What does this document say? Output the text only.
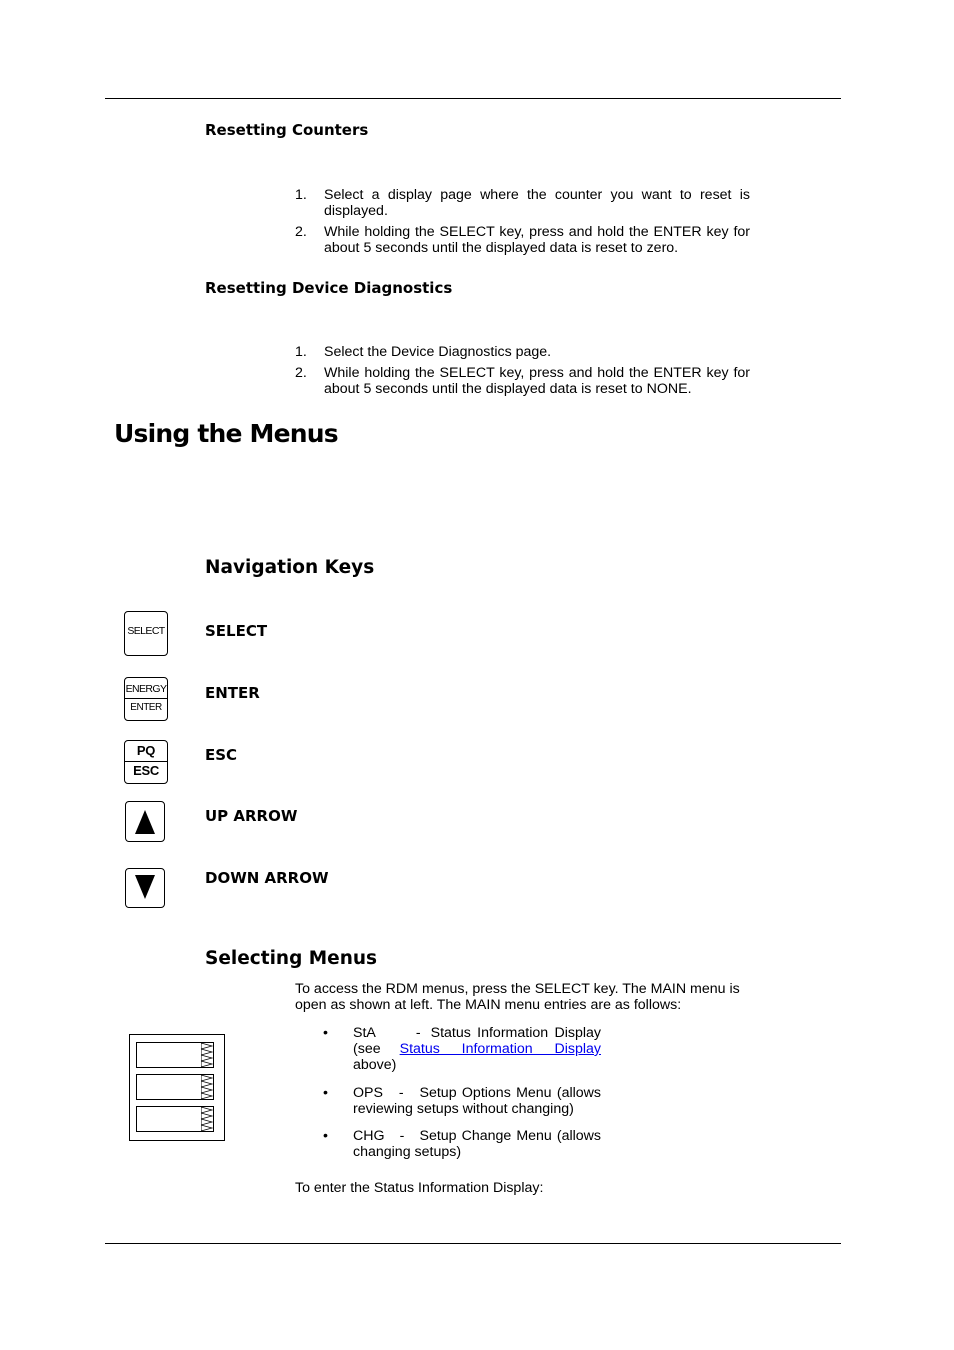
Resetting Counters
1. Select a display page where the counter you want to reset is displayed.
2. While holding the SELECT key, press and hold the ENTER key for about 5 seconds until the displayed data is reset to zero.
Resetting Device Diagnostics
1. Select the Device Diagnostics page.
2. While holding the SELECT key, press and hold the ENTER key for about 5 seconds until the displayed data is reset to NONE.
Using the Menus
Navigation Keys
SELECT	SELECT
ENERGY
ENTER
ENTER
PQ
ESC
ESC
UP ARROW
DOWN ARROW
Selecting Menus
To access the RDM menus, press the SELECT key. The MAIN menu is open as shown at left. The MAIN menu entries are as follows:
• StA	- Status Information Display
(see Status Information Display
above)
• OPS - Setup Options Menu (allows reviewing setups without changing)
• CHG - Setup Change Menu (allows changing setups)
To enter the Status Information Display:
